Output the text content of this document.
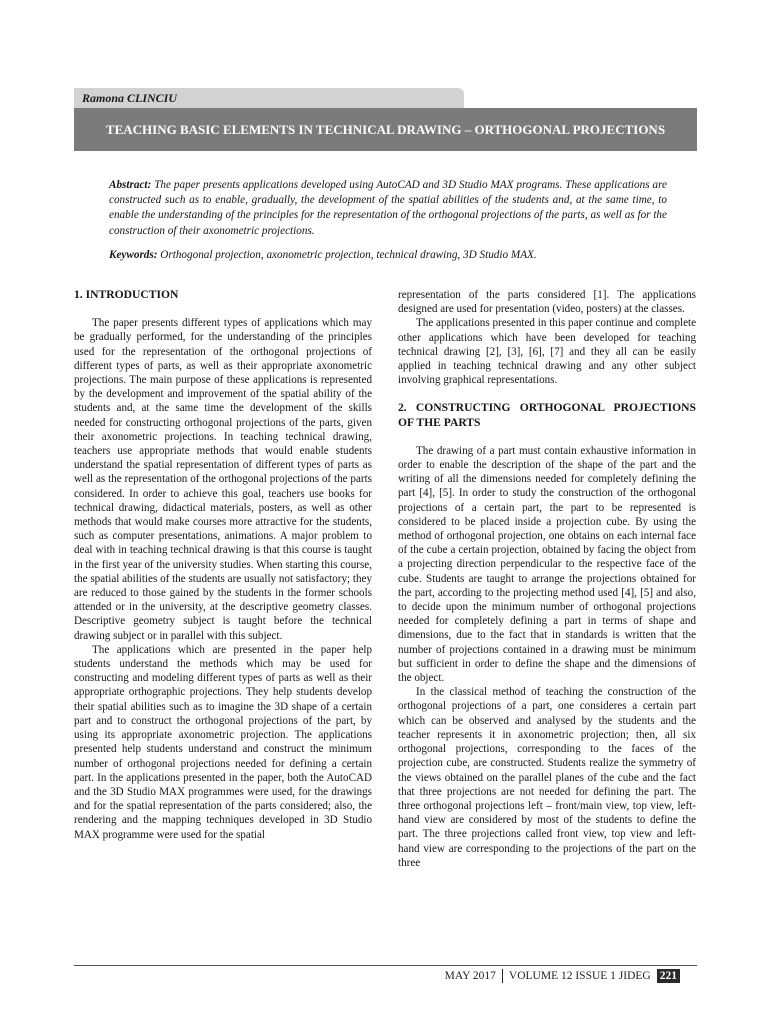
Ramona CLINCIU
TEACHING BASIC ELEMENTS IN TECHNICAL DRAWING – ORTHOGONAL PROJECTIONS
Abstract: The paper presents applications developed using AutoCAD and 3D Studio MAX programs. These applications are constructed such as to enable, gradually, the development of the spatial abilities of the students and, at the same time, to enable the understanding of the principles for the representation of the orthogonal projections of the parts, as well as for the construction of their axonometric projections.
Keywords: Orthogonal projection, axonometric projection, technical drawing, 3D Studio MAX.
1. INTRODUCTION

The paper presents different types of applications which may be gradually performed, for the understanding of the principles used for the representation of the orthogonal projections of different types of parts, as well as their appropriate axonometric projections. The main purpose of these applications is represented by the development and improvement of the spatial ability of the students and, at the same time the development of the skills needed for constructing orthogonal projections of the parts, given their axonometric projections. In teaching technical drawing, teachers use appropriate methods that would enable students understand the spatial representation of different types of parts as well as the representation of the orthogonal projections of the parts considered. In order to achieve this goal, teachers use books for technical drawing, didactical materials, posters, as well as other methods that would make courses more attractive for the students, such as computer presentations, animations. A major problem to deal with in teaching technical drawing is that this course is taught in the first year of the university studies. When starting this course, the spatial abilities of the students are usually not satisfactory; they are reduced to those gained by the students in the former schools attended or in the university, at the descriptive geometry classes. Descriptive geometry subject is taught before the technical drawing subject or in parallel with this subject.

The applications which are presented in the paper help students understand the methods which may be used for constructing and modeling different types of parts as well as their appropriate orthographic projections. They help students develop their spatial abilities such as to imagine the 3D shape of a certain part and to construct the orthogonal projections of the part, by using its appropriate axonometric projection. The applications presented help students understand and construct the minimum number of orthogonal projections needed for defining a certain part. In the applications presented in the paper, both the AutoCAD and the 3D Studio MAX programmes were used, for the drawings and for the spatial representation of the parts considered; also, the rendering and the mapping techniques developed in 3D Studio MAX programme were used for the spatial

representation of the parts considered [1]. The applications designed are used for presentation (video, posters) at the classes.

The applications presented in this paper continue and complete other applications which have been developed for teaching technical drawing [2], [3], [6], [7] and they all can be easily applied in teaching technical drawing and any other subject involving graphical representations.

2. CONSTRUCTING ORTHOGONAL PROJECTIONS OF THE PARTS

The drawing of a part must contain exhaustive information in order to enable the description of the shape of the part and the writing of all the dimensions needed for completely defining the part [4], [5]. In order to study the construction of the orthogonal projections of a certain part, the part to be represented is considered to be placed inside a projection cube. By using the method of orthogonal projection, one obtains on each internal face of the cube a certain projection, obtained by facing the object from a projecting direction perpendicular to the respective face of the cube. Students are taught to arrange the projections obtained for the part, according to the projecting method used [4], [5] and also, to decide upon the minimum number of orthogonal projections needed for completely defining a part in terms of shape and dimensions, due to the fact that in standards is written that the number of projections contained in a drawing must be minimum but sufficient in order to define the shape and the dimensions of the object.

In the classical method of teaching the construction of the orthogonal projections of a part, one consideres a certain part which can be observed and analysed by the students and the teacher represents it in axonometric projection; then, all six orthogonal projections, corresponding to the faces of the projection cube, are constructed. Students realize the symmetry of the views obtained on the parallel planes of the cube and the fact that three projections are not needed for defining the part. The three orthogonal projections left – front/main view, top view, left-hand view are considered by most of the students to define the part. The three projections called front view, top view and left-hand view are corresponding to the projections of the part on the three

MAY 2017 VOLUME 12 ISSUE 1 JIDEG 221
